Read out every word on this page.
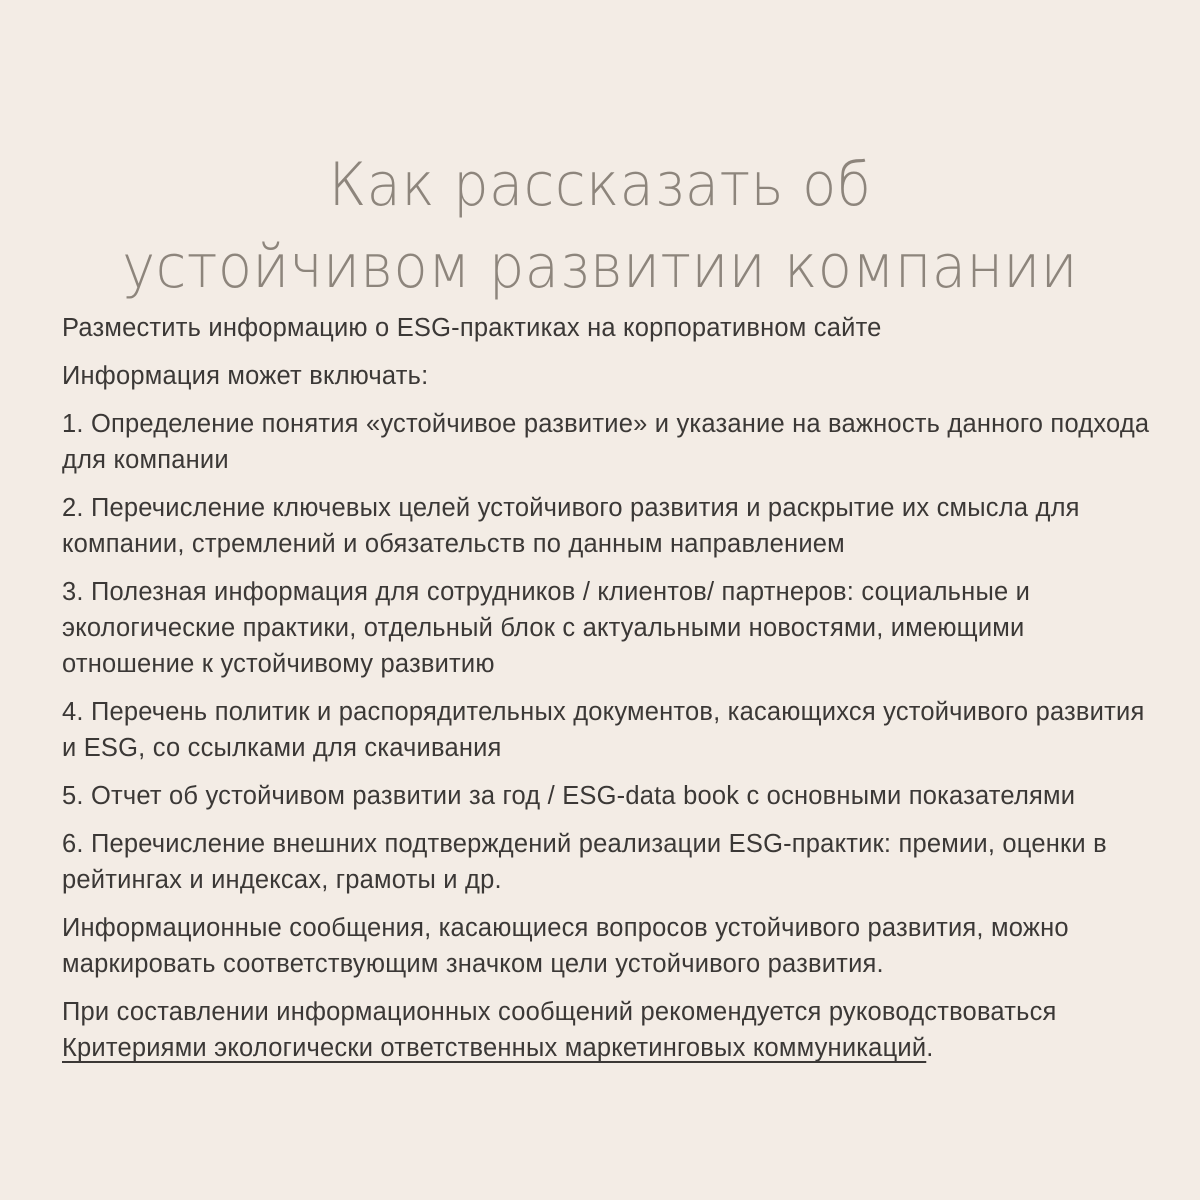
Как рассказать об
устойчивом развитии компании

Разместить информацию о ESG-практиках на корпоративном сайте

Информация может включать:

1. Определение понятия «устойчивое развитие» и указание на важность данного подхода для компании

2. Перечисление ключевых целей устойчивого развития и раскрытие их смысла для компании, стремлений и обязательств по данным направлением

3. Полезная информация для сотрудников / клиентов/ партнеров: социальные и экологические практики, отдельный блок с актуальными новостями, имеющими отношение к устойчивому развитию

4. Перечень политик и распорядительных документов, касающихся устойчивого развития и ESG, со ссылками для скачивания

5. Отчет об устойчивом развитии за год / ESG-data book с основными показателями

6. Перечисление внешних подтверждений реализации ESG-практик: премии, оценки в рейтингах и индексах, грамоты и др.

Информационные сообщения, касающиеся вопросов устойчивого развития, можно маркировать соответствующим значком цели устойчивого развития.

При составлении информационных сообщений рекомендуется руководствоваться Критериями экологически ответственных маркетинговых коммуникаций.
